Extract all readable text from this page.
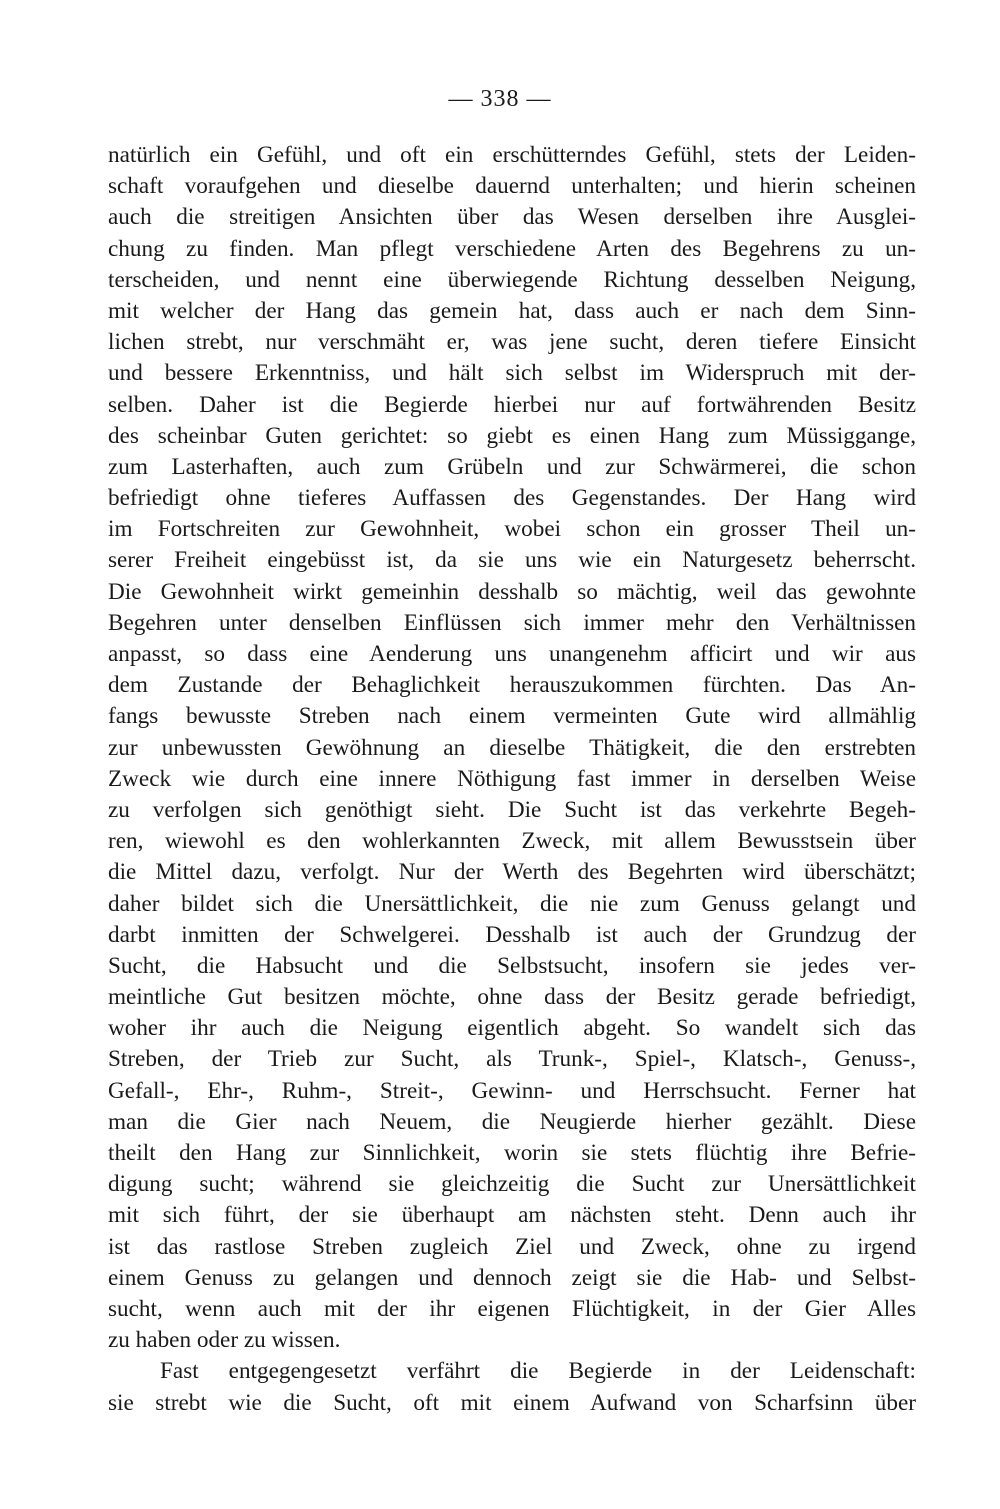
— 338 —
natürlich ein Gefühl, und oft ein erschütterndes Gefühl, stets der Leiden-
schaft voraufgehen und dieselbe dauernd unterhalten; und hierin scheinen
auch die streitigen Ansichten über das Wesen derselben ihre Ausglei-
chung zu finden. Man pflegt verschiedene Arten des Begehrens zu un-
terscheiden, und nennt eine überwiegende Richtung desselben Neigung,
mit welcher der Hang das gemein hat, dass auch er nach dem Sinn-
lichen strebt, nur verschmäht er, was jene sucht, deren tiefere Einsicht
und bessere Erkenntniss, und hält sich selbst im Widerspruch mit der-
selben. Daher ist die Begierde hierbei nur auf fortwährenden Besitz
des scheinbar Guten gerichtet: so giebt es einen Hang zum Müssiggange,
zum Lasterhaften, auch zum Grübeln und zur Schwärmerei, die schon
befriedigt ohne tieferes Auffassen des Gegenstandes. Der Hang wird
im Fortschreiten zur Gewohnheit, wobei schon ein grosser Theil un-
serer Freiheit eingebüsst ist, da sie uns wie ein Naturgesetz beherrscht.
Die Gewohnheit wirkt gemeinhin desshalb so mächtig, weil das gewohnte
Begehren unter denselben Einflüssen sich immer mehr den Verhältnissen
anpasst, so dass eine Aenderung uns unangenehm afficirt und wir aus
dem Zustande der Behaglichkeit herauszukommen fürchten. Das An-
fangs bewusste Streben nach einem vermeinten Gute wird allmählig
zur unbewussten Gewöhnung an dieselbe Thätigkeit, die den erstrebten
Zweck wie durch eine innere Nöthigung fast immer in derselben Weise
zu verfolgen sich genöthigt sieht. Die Sucht ist das verkehrte Begeh-
ren, wiewohl es den wohlerkannten Zweck, mit allem Bewusstsein über
die Mittel dazu, verfolgt. Nur der Werth des Begehrten wird überschätzt;
daher bildet sich die Unersättlichkeit, die nie zum Genuss gelangt und
darbt inmitten der Schwelgerei. Desshalb ist auch der Grundzug der
Sucht, die Habsucht und die Selbstsucht, insofern sie jedes ver-
meintliche Gut besitzen möchte, ohne dass der Besitz gerade befriedigt,
woher ihr auch die Neigung eigentlich abgeht. So wandelt sich das
Streben, der Trieb zur Sucht, als Trunk-, Spiel-, Klatsch-, Genuss-,
Gefall-, Ehr-, Ruhm-, Streit-, Gewinn- und Herrschsucht. Ferner hat
man die Gier nach Neuem, die Neugierde hierher gezählt. Diese
theilt den Hang zur Sinnlichkeit, worin sie stets flüchtig ihre Befrie-
digung sucht; während sie gleichzeitig die Sucht zur Unersättlichkeit
mit sich führt, der sie überhaupt am nächsten steht. Denn auch ihr
ist das rastlose Streben zugleich Ziel und Zweck, ohne zu irgend
einem Genuss zu gelangen und dennoch zeigt sie die Hab- und Selbst-
sucht, wenn auch mit der ihr eigenen Flüchtigkeit, in der Gier Alles
zu haben oder zu wissen.
Fast entgegengesetzt verfährt die Begierde in der Leidenschaft:
sie strebt wie die Sucht, oft mit einem Aufwand von Scharfsinn über
